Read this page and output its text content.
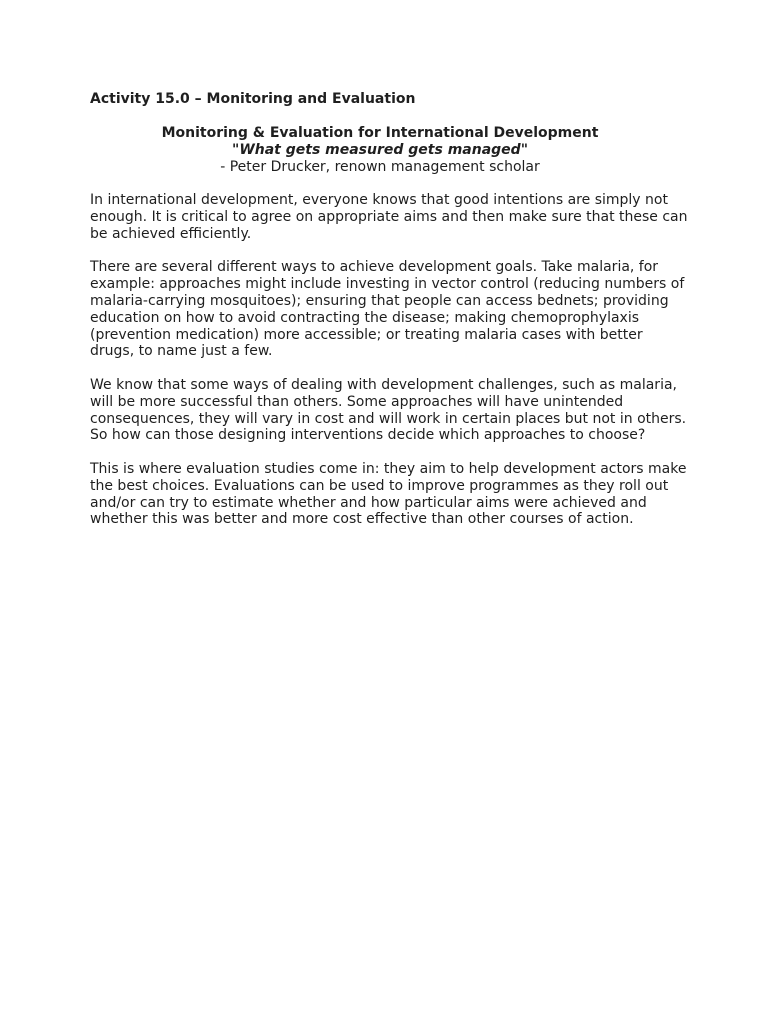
Activity 15.0 – Monitoring and Evaluation
Monitoring & Evaluation for International Development
"What gets measured gets managed"
- Peter Drucker, renown management scholar

In international development, everyone knows that good intentions are simply not enough. It is critical to agree on appropriate aims and then make sure that these can be achieved efficiently.

There are several different ways to achieve development goals. Take malaria, for example: approaches might include investing in vector control (reducing numbers of malaria-carrying mosquitoes); ensuring that people can access bednets; providing education on how to avoid contracting the disease; making chemoprophylaxis (prevention medication) more accessible; or treating malaria cases with better drugs, to name just a few.

We know that some ways of dealing with development challenges, such as malaria, will be more successful than others. Some approaches will have unintended consequences, they will vary in cost and will work in certain places but not in others. So how can those designing interventions decide which approaches to choose?

This is where evaluation studies come in: they aim to help development actors make the best choices. Evaluations can be used to improve programmes as they roll out and/or can try to estimate whether and how particular aims were achieved and whether this was better and more cost effective than other courses of action.
